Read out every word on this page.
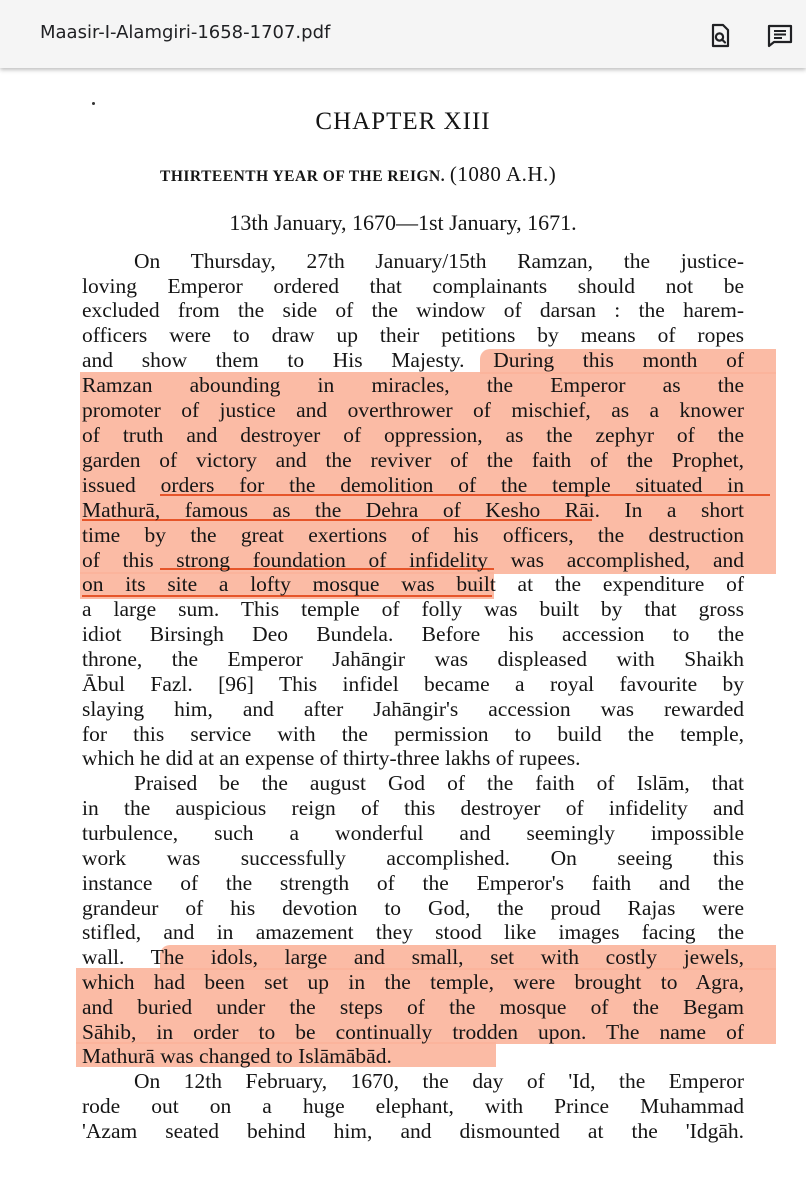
Maasir-I-Alamgiri-1658-1707.pdf
CHAPTER XIII
THIRTEENTH YEAR OF THE REIGN. (1080 A.H.)
13th January, 1670—1st January, 1671.
On Thursday, 27th January/15th Ramzan, the justice-
loving Emperor ordered that complainants should not be
excluded from the side of the window of darsan : the harem-
officers were to draw up their petitions by means of ropes
and show them to His Majesty. During this month of
Ramzan abounding in miracles, the Emperor as the
promoter of justice and overthrower of mischief, as a knower
of truth and destroyer of oppression, as the zephyr of the
garden of victory and the reviver of the faith of the Prophet,
issued orders for the demolition of the temple situated in
Mathurā, famous as the Dehra of Kesho Rāi. In a short
time by the great exertions of his officers, the destruction
of this strong foundation of infidelity was accomplished, and
on its site a lofty mosque was built at the expenditure of
a large sum. This temple of folly was built by that gross
idiot Birsingh Deo Bundela. Before his accession to the
throne, the Emperor Jahāngir was displeased with Shaikh
Ābul Fazl. [96] This infidel became a royal favourite by
slaying him, and after Jahāngir's accession was rewarded
for this service with the permission to build the temple,
which he did at an expense of thirty-three lakhs of rupees.
Praised be the august God of the faith of Islām, that
in the auspicious reign of this destroyer of infidelity and
turbulence, such a wonderful and seemingly impossible
work was successfully accomplished. On seeing this
instance of the strength of the Emperor's faith and the
grandeur of his devotion to God, the proud Rajas were
stifled, and in amazement they stood like images facing the
wall. The idols, large and small, set with costly jewels,
which had been set up in the temple, were brought to Agra,
and buried under the steps of the mosque of the Begam
Sāhib, in order to be continually trodden upon. The name of
Mathurā was changed to Islāmābād.
On 12th February, 1670, the day of 'Id, the Emperor
rode out on a huge elephant, with Prince Muhammad
'Azam seated behind him, and dismounted at the 'Idgāh.
